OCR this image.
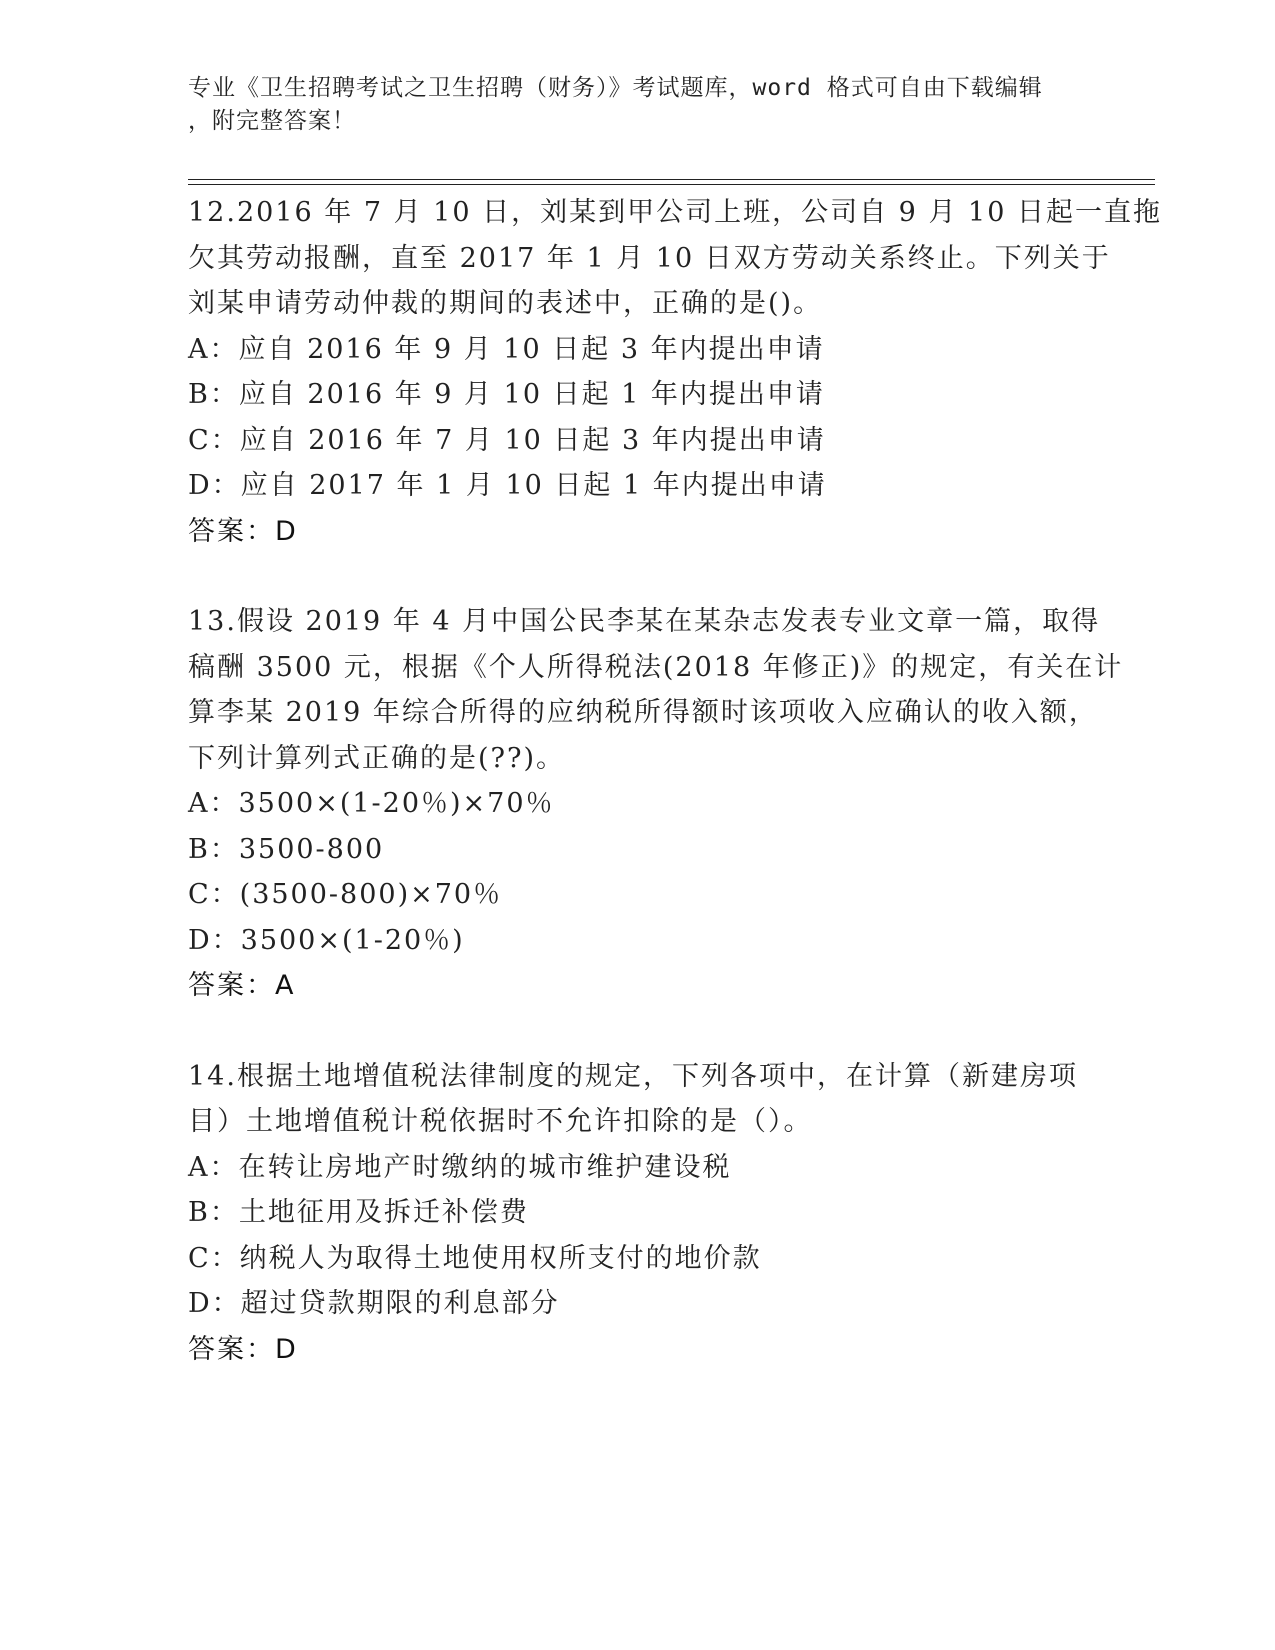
专业《卫生招聘考试之卫生招聘（财务）》考试题库，word 格式可自由下载编辑
，附完整答案！
12.2016 年 7 月 10 日，刘某到甲公司上班，公司自 9 月 10 日起一直拖
欠其劳动报酬，直至 2017 年 1 月 10 日双方劳动关系终止。下列关于
刘某申请劳动仲裁的期间的表述中，正确的是()。
A：应自 2016 年 9 月 10 日起 3 年内提出申请
B：应自 2016 年 9 月 10 日起 1 年内提出申请
C：应自 2016 年 7 月 10 日起 3 年内提出申请
D：应自 2017 年 1 月 10 日起 1 年内提出申请
答案：D
13.假设 2019 年 4 月中国公民李某在某杂志发表专业文章一篇，取得
稿酬 3500 元，根据《个人所得税法(2018 年修正)》的规定，有关在计
算李某 2019 年综合所得的应纳税所得额时该项收入应确认的收入额，
下列计算列式正确的是(??)。
A：3500×(1-20％)×70％
B：3500-800
C：(3500-800)×70％
D：3500×(1-20％)
答案：A
14.根据土地增值税法律制度的规定，下列各项中，在计算（新建房项
目）土地增值税计税依据时不允许扣除的是（）。
A：在转让房地产时缴纳的城市维护建设税
B：土地征用及拆迁补偿费
C：纳税人为取得土地使用权所支付的地价款
D：超过贷款期限的利息部分
答案：D
